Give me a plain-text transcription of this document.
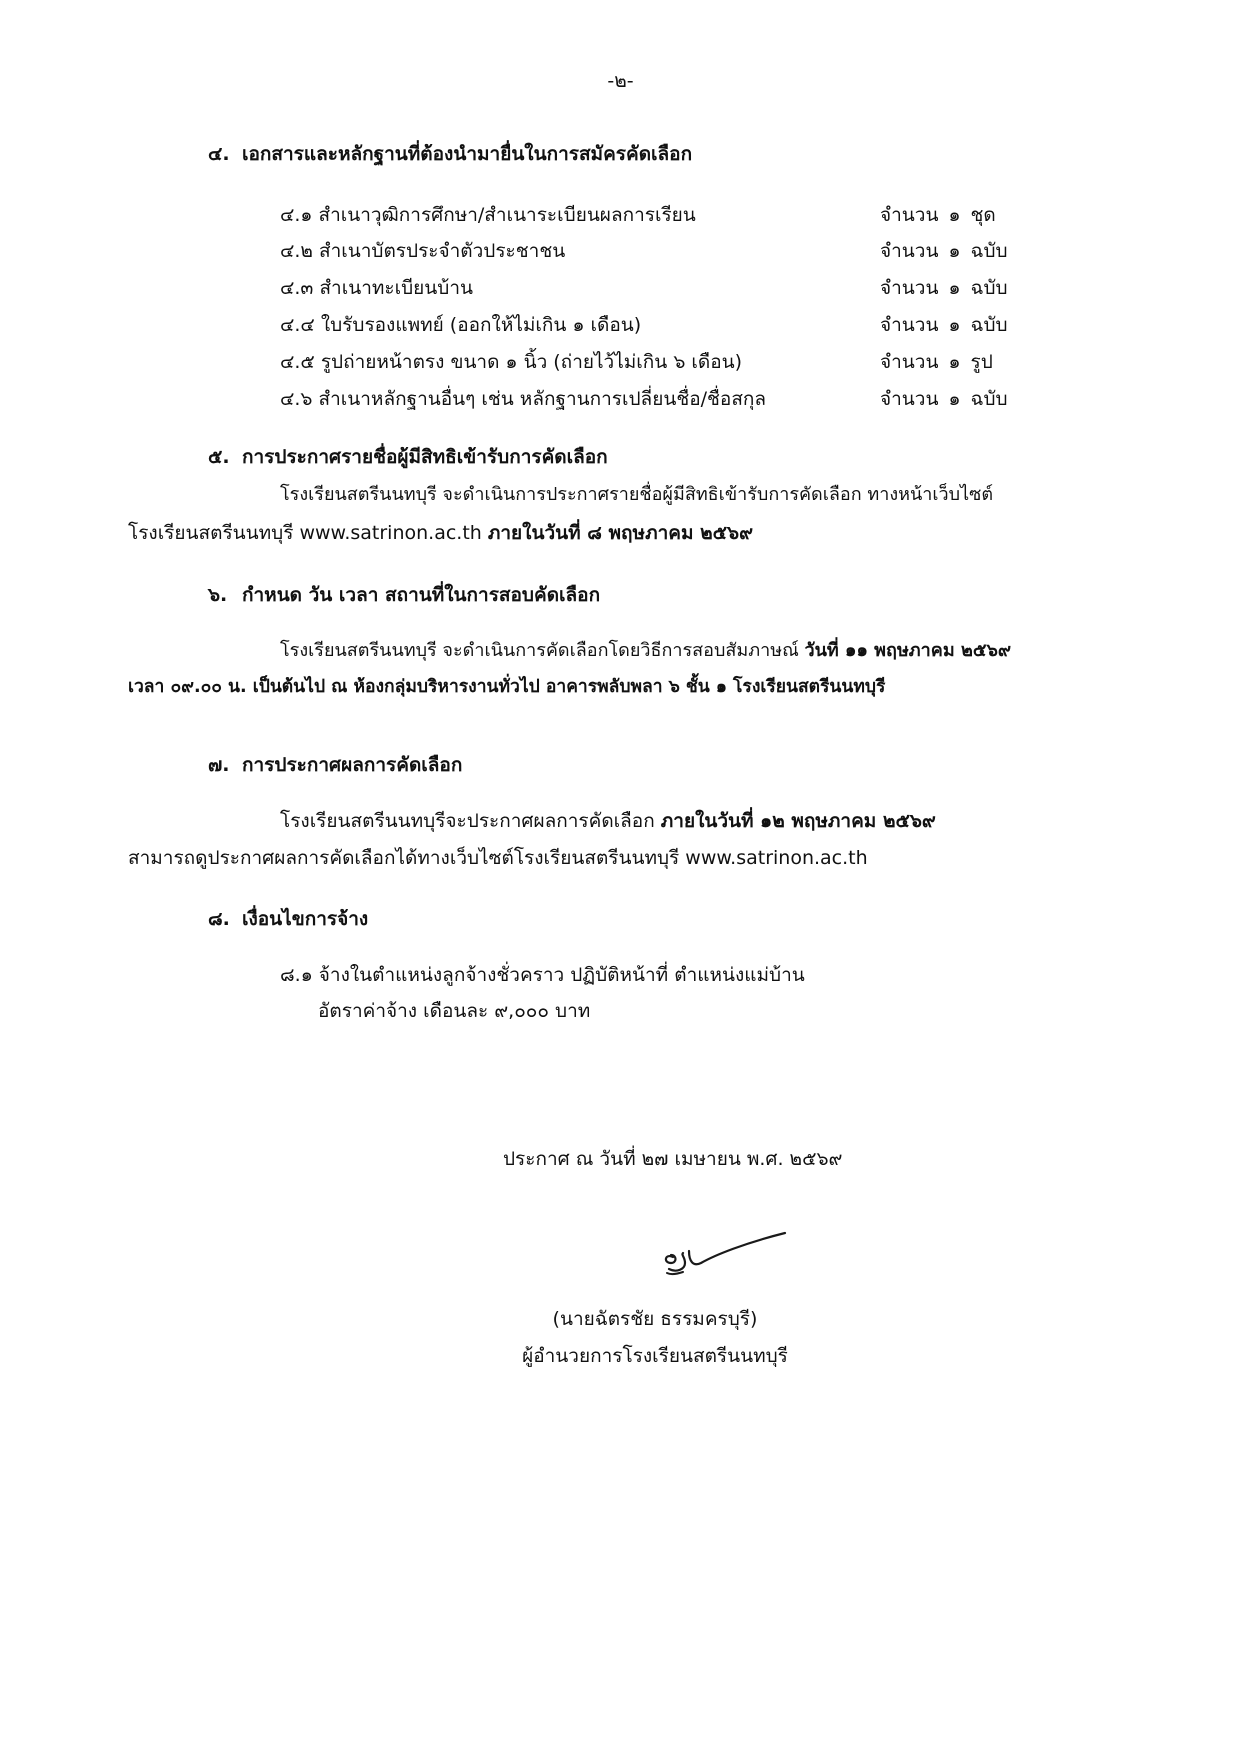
-๒-
๔. เอกสารและหลักฐานที่ต้องนำมายื่นในการสมัครคัดเลือก
๔.๑ สำเนาวุฒิการศึกษา/สำเนาระเบียนผลการเรียน	จำนวน ๑ ชุด
๔.๒ สำเนาบัตรประจำตัวประชาชน	จำนวน ๑ ฉบับ
๔.๓ สำเนาทะเบียนบ้าน	จำนวน ๑ ฉบับ
๔.๔ ใบรับรองแพทย์ (ออกให้ไม่เกิน ๑ เดือน)	จำนวน ๑ ฉบับ
๔.๕ รูปถ่ายหน้าตรง ขนาด ๑ นิ้ว (ถ่ายไว้ไม่เกิน ๖ เดือน)	จำนวน ๑ รูป
๔.๖ สำเนาหลักฐานอื่นๆ เช่น หลักฐานการเปลี่ยนชื่อ/ชื่อสกุล	จำนวน ๑ ฉบับ
๕. การประกาศรายชื่อผู้มีสิทธิเข้ารับการคัดเลือก
โรงเรียนสตรีนนทบุรี จะดำเนินการประกาศรายชื่อผู้มีสิทธิเข้ารับการคัดเลือก ทางหน้าเว็บไซต์
โรงเรียนสตรีนนทบุรี www.satrinon.ac.th ภายในวันที่ ๘ พฤษภาคม ๒๕๖๙
๖. กำหนด วัน เวลา สถานที่ในการสอบคัดเลือก
โรงเรียนสตรีนนทบุรี จะดำเนินการคัดเลือกโดยวิธีการสอบสัมภาษณ์ วันที่ ๑๑ พฤษภาคม ๒๕๖๙
เวลา ๐๙.๐๐ น. เป็นต้นไป ณ ห้องกลุ่มบริหารงานทั่วไป อาคารพลับพลา ๖ ชั้น ๑ โรงเรียนสตรีนนทบุรี
๗. การประกาศผลการคัดเลือก
โรงเรียนสตรีนนทบุรีจะประกาศผลการคัดเลือก ภายในวันที่ ๑๒ พฤษภาคม ๒๕๖๙
สามารถดูประกาศผลการคัดเลือกได้ทางเว็บไซต์โรงเรียนสตรีนนทบุรี www.satrinon.ac.th
๘. เงื่อนไขการจ้าง
๘.๑ จ้างในตำแหน่งลูกจ้างชั่วคราว ปฏิบัติหน้าที่ ตำแหน่งแม่บ้าน
อัตราค่าจ้าง เดือนละ ๙,๐๐๐ บาท
ประกาศ ณ วันที่ ๒๗ เมษายน พ.ศ. ๒๕๖๙
(นายฉัตรชัย ธรรมครบุรี)
ผู้อำนวยการโรงเรียนสตรีนนทบุรี
